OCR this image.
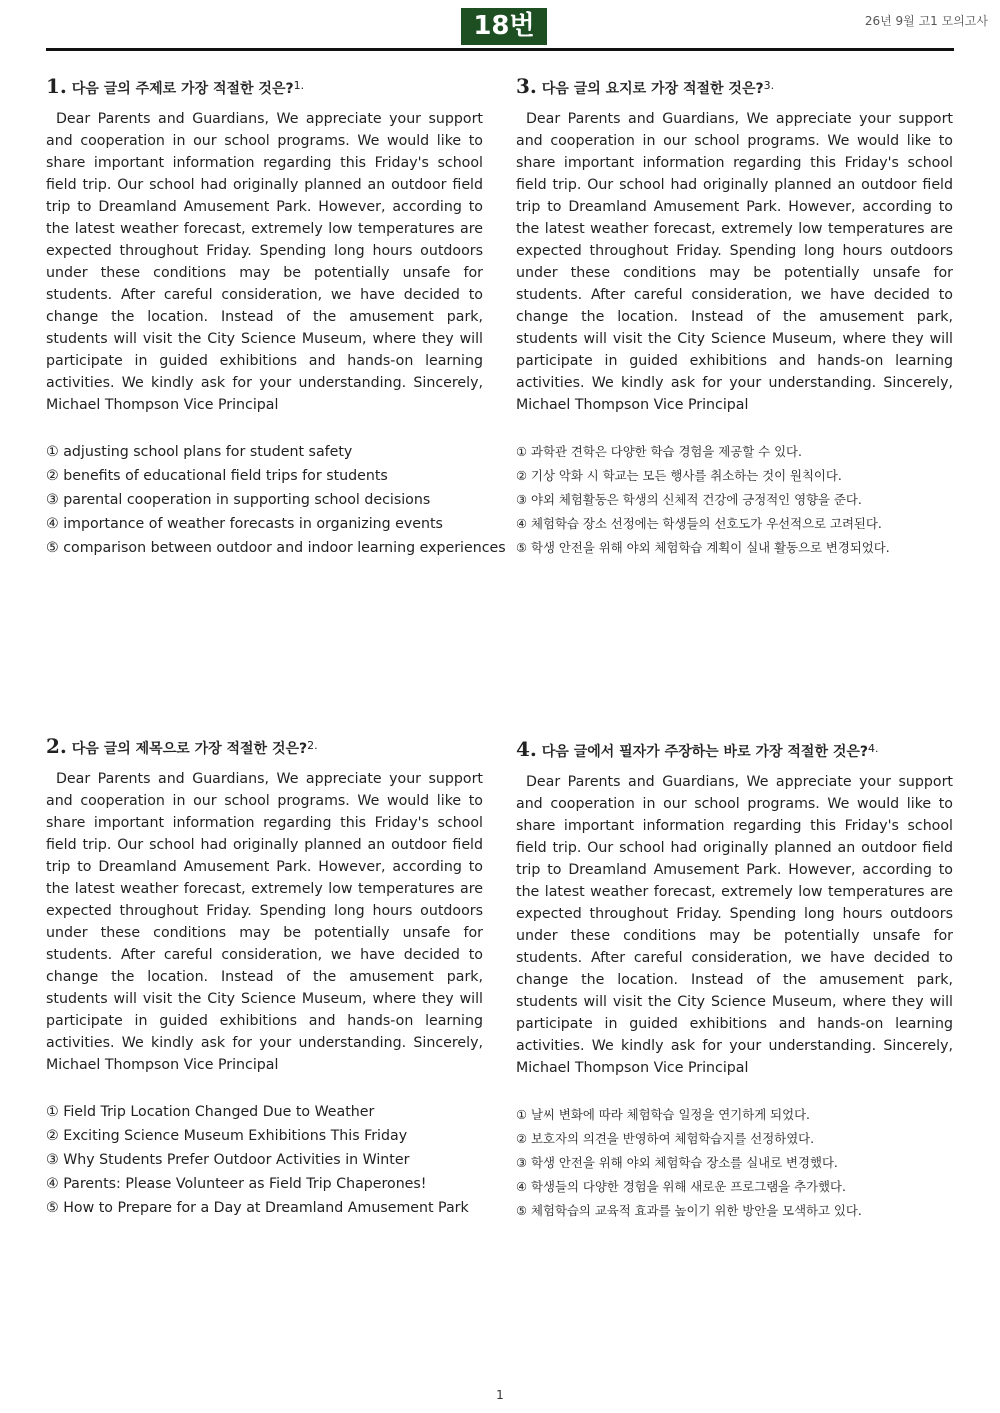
18번	26년 9월 고1 모의고사
1. 다음 글의 주제로 가장 적절한 것은?$^{1.}$

Dear Parents and Guardians, We appreciate your support and cooperation in our school programs. We would like to share important information regarding this Friday's school field trip. Our school had originally planned an outdoor field trip to Dreamland Amusement Park. However, according to the latest weather forecast, extremely low temperatures are expected throughout Friday. Spending long hours outdoors under these conditions may be potentially unsafe for students. After careful consideration, we have decided to change the location. Instead of the amusement park, students will visit the City Science Museum, where they will participate in guided exhibitions and hands-on learning activities. We kindly ask for your understanding. Sincerely, Michael Thompson Vice Principal

① adjusting school plans for student safety
② benefits of educational field trips for students
③ parental cooperation in supporting school decisions
④ importance of weather forecasts in organizing events
⑤ comparison between outdoor and indoor learning experiences
2. 다음 글의 제목으로 가장 적절한 것은?$^{2.}$

Dear Parents and Guardians, We appreciate your support and cooperation in our school programs. We would like to share important information regarding this Friday's school field trip. Our school had originally planned an outdoor field trip to Dreamland Amusement Park. However, according to the latest weather forecast, extremely low temperatures are expected throughout Friday. Spending long hours outdoors under these conditions may be potentially unsafe for students. After careful consideration, we have decided to change the location. Instead of the amusement park, students will visit the City Science Museum, where they will participate in guided exhibitions and hands-on learning activities. We kindly ask for your understanding. Sincerely, Michael Thompson Vice Principal

① Field Trip Location Changed Due to Weather
② Exciting Science Museum Exhibitions This Friday
③ Why Students Prefer Outdoor Activities in Winter
④ Parents: Please Volunteer as Field Trip Chaperones!
⑤ How to Prepare for a Day at Dreamland Amusement Park
3. 다음 글의 요지로 가장 적절한 것은?$^{3.}$

Dear Parents and Guardians, We appreciate your support and cooperation in our school programs. We would like to share important information regarding this Friday's school field trip. Our school had originally planned an outdoor field trip to Dreamland Amusement Park. However, according to the latest weather forecast, extremely low temperatures are expected throughout Friday. Spending long hours outdoors under these conditions may be potentially unsafe for students. After careful consideration, we have decided to change the location. Instead of the amusement park, students will visit the City Science Museum, where they will participate in guided exhibitions and hands-on learning activities. We kindly ask for your understanding. Sincerely, Michael Thompson Vice Principal

① 과학관 견학은 다양한 학습 경험을 제공할 수 있다.
② 기상 악화 시 학교는 모든 행사를 취소하는 것이 원칙이다.
③ 야외 체험활동은 학생의 신체적 건강에 긍정적인 영향을 준다.
④ 체험학습 장소 선정에는 학생들의 선호도가 우선적으로 고려된다.
⑤ 학생 안전을 위해 야외 체험학습 계획이 실내 활동으로 변경되었다.
4. 다음 글에서 필자가 주장하는 바로 가장 적절한 것은?$^{4.}$

Dear Parents and Guardians, We appreciate your support and cooperation in our school programs. We would like to share important information regarding this Friday's school field trip. Our school had originally planned an outdoor field trip to Dreamland Amusement Park. However, according to the latest weather forecast, extremely low temperatures are expected throughout Friday. Spending long hours outdoors under these conditions may be potentially unsafe for students. After careful consideration, we have decided to change the location. Instead of the amusement park, students will visit the City Science Museum, where they will participate in guided exhibitions and hands-on learning activities. We kindly ask for your understanding. Sincerely, Michael Thompson Vice Principal

① 날씨 변화에 따라 체험학습 일정을 연기하게 되었다.
② 보호자의 의견을 반영하여 체험학습지를 선정하였다.
③ 학생 안전을 위해 야외 체험학습 장소를 실내로 변경했다.
④ 학생들의 다양한 경험을 위해 새로운 프로그램을 추가했다.
⑤ 체험학습의 교육적 효과를 높이기 위한 방안을 모색하고 있다.
1
